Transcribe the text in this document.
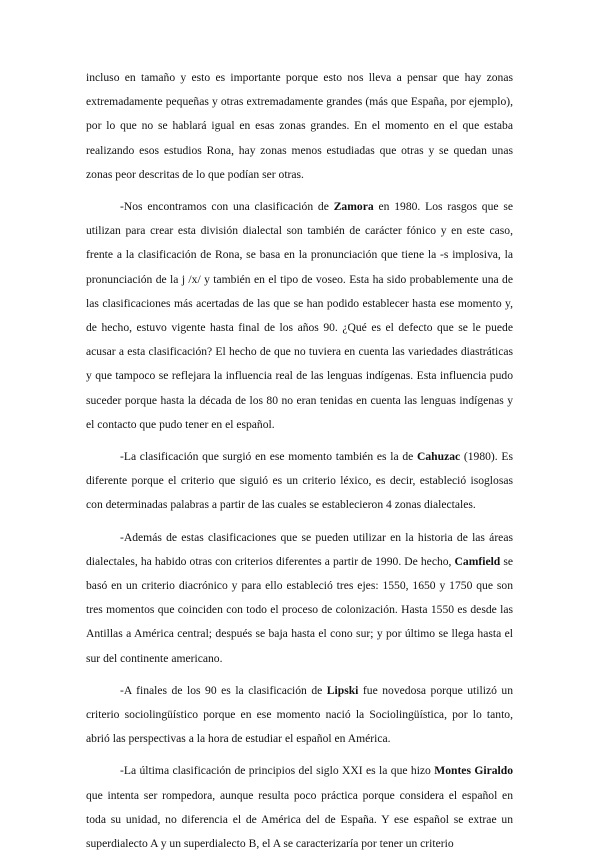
incluso en tamaño y esto es importante porque esto nos lleva a pensar que hay zonas extremadamente pequeñas y otras extremadamente grandes (más que España, por ejemplo), por lo que no se hablará igual en esas zonas grandes. En el momento en el que estaba realizando esos estudios Rona, hay zonas menos estudiadas que otras y se quedan unas zonas peor descritas de lo que podían ser otras.

-Nos encontramos con una clasificación de Zamora en 1980. Los rasgos que se utilizan para crear esta división dialectal son también de carácter fónico y en este caso, frente a la clasificación de Rona, se basa en la pronunciación que tiene la -s implosiva, la pronunciación de la j /x/ y también en el tipo de voseo. Esta ha sido probablemente una de las clasificaciones más acertadas de las que se han podido establecer hasta ese momento y, de hecho, estuvo vigente hasta final de los años 90. ¿Qué es el defecto que se le puede acusar a esta clasificación? El hecho de que no tuviera en cuenta las variedades diastráticas y que tampoco se reflejara la influencia real de las lenguas indígenas. Esta influencia pudo suceder porque hasta la década de los 80 no eran tenidas en cuenta las lenguas indígenas y el contacto que pudo tener en el español.

-La clasificación que surgió en ese momento también es la de Cahuzac (1980). Es diferente porque el criterio que siguió es un criterio léxico, es decir, estableció isoglosas con determinadas palabras a partir de las cuales se establecieron 4 zonas dialectales.

-Además de estas clasificaciones que se pueden utilizar en la historia de las áreas dialectales, ha habido otras con criterios diferentes a partir de 1990. De hecho, Camfield se basó en un criterio diacrónico y para ello estableció tres ejes: 1550, 1650 y 1750 que son tres momentos que coinciden con todo el proceso de colonización. Hasta 1550 es desde las Antillas a América central; después se baja hasta el cono sur; y por último se llega hasta el sur del continente americano.

-A finales de los 90 es la clasificación de Lipski fue novedosa porque utilizó un criterio sociolingüístico porque en ese momento nació la Sociolingüística, por lo tanto, abrió las perspectivas a la hora de estudiar el español en América.

-La última clasificación de principios del siglo XXI es la que hizo Montes Giraldo que intenta ser rompedora, aunque resulta poco práctica porque considera el español en toda su unidad, no diferencia el de América del de España. Y ese español se extrae un superdialecto A y un superdialecto B, el A se caracterizaría por tener un criterio
